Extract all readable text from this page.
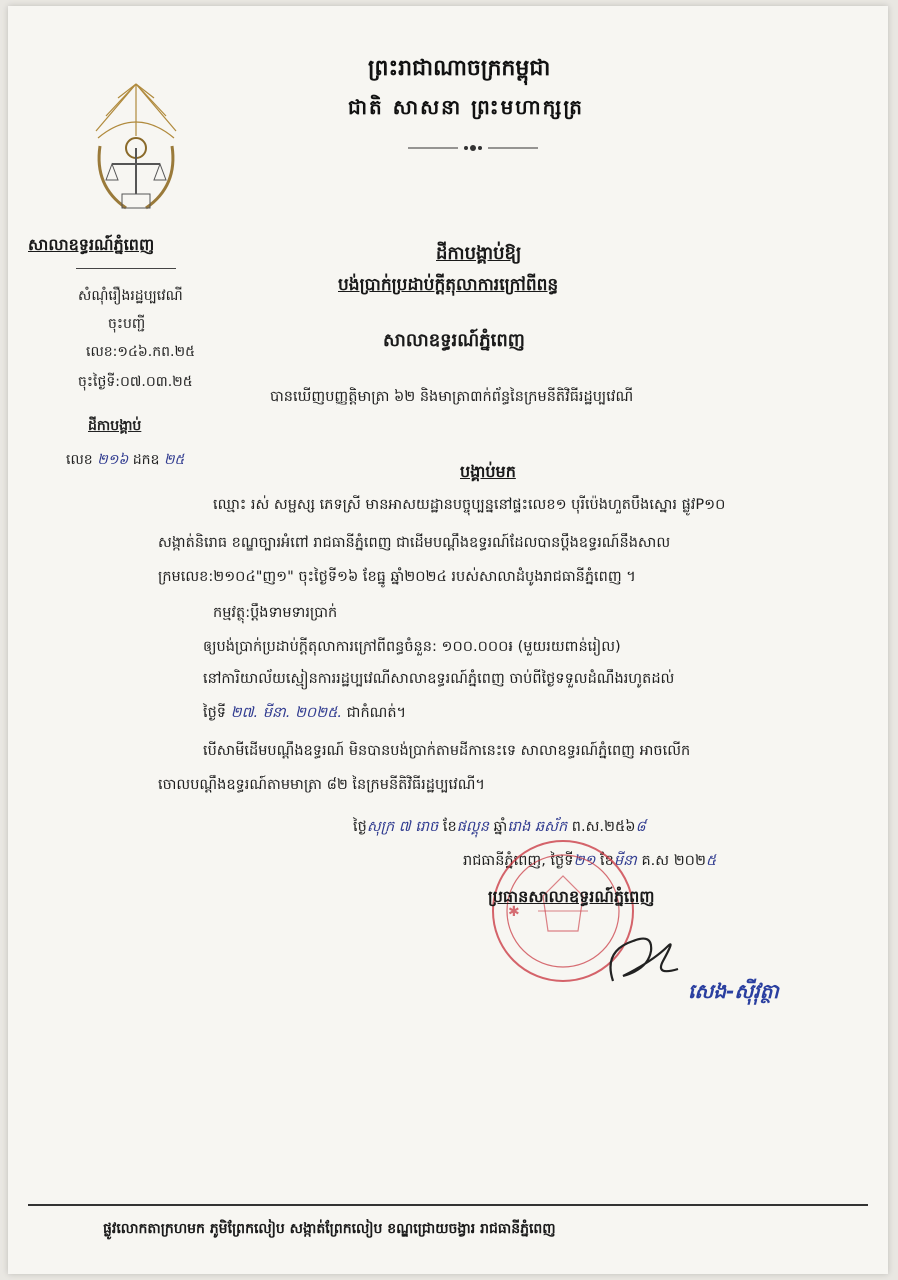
ព្រះរាជាណាចក្រកម្ពុជា
ជាតិ សាសនា ព្រះមហាក្សត្រ
សាលាឧទ្ធរណ៍ភ្នំពេញ
សំណុំរឿងរដ្ឋប្បវេណី
ចុះបញ្ជី
លេខ:១៤៦.កព.២៥
ចុះថ្ងៃទី:០៧.០៣.២៥
ដីកាបង្គាប់
លេខ ២១៦ ដកឧ ២៥
ដីកាបង្គាប់ឱ្យ
បង់ប្រាក់ប្រដាប់ក្ដីតុលាការក្រៅពីពន្ធ
សាលាឧទ្ធរណ៍ភ្នំពេញ
បានឃើញបញ្ញត្តិមាត្រា ៦២ និងមាត្រា៣ក់ព័ន្ធនៃក្រមនីតិវិធីរដ្ឋប្បវេណី
បង្គាប់មក
ឈ្មោះ រស់ សម្ផស្ស ភេទស្រី មានអាសយដ្ឋានបច្ចុប្បន្ននៅផ្ទះលេខ១ បុរីប៉េងហួតបឹងស្នោរ ផ្លូវP១០
សង្កាត់និរោធ ខណ្ឌច្បារអំពៅ រាជធានីភ្នំពេញ ជាដើមបណ្ដឹងឧទ្ធរណ៍ដែលបានប្ដឹងឧទ្ធរណ៍នឹងសាល
ក្រមលេខ:២១០៤"ញ១" ចុះថ្ងៃទី១៦ ខែធ្នូ ឆ្នាំ២០២៤ របស់សាលាដំបូងរាជធានីភ្នំពេញ ។
កម្មវត្ថុ:ប្ដឹងទាមទារប្រាក់
ឲ្យបង់ប្រាក់ប្រដាប់ក្ដីតុលាការក្រៅពីពន្ធចំនួន: ១០០.០០០៛ (មួយរយពាន់រៀល)
នៅការិយាល័យស្មៀនការរដ្ឋប្បវេណីសាលាឧទ្ធរណ៍ភ្នំពេញ ចាប់ពីថ្ងៃទទួលដំណឹងរហូតដល់
ថ្ងៃទី ២៧. មីនា. ២០២៥. ជាកំណត់។
បើសាមីដើមបណ្ដឹងឧទ្ធរណ៍ មិនបានបង់ប្រាក់តាមដីកានេះទេ សាលាឧទ្ធរណ៍ភ្នំពេញ អាចលើក
ចោលបណ្ដឹងឧទ្ធរណ៍តាមមាត្រា ៨២ នៃក្រមនីតិវិធីរដ្ឋប្បវេណី។
ថ្ងៃសុក្រ ៧ រោច ខែផល្គុន ឆ្នាំរោង ឆស័ក ព.ស.២៥៦៨
រាជធានីភ្នំពេញ, ថ្ងៃទី២១ ខែមីនា គ.ស ២០២៥
✱
ប្រធានសាលាឧទ្ធរណ៍ភ្នំពេញ
សេង-ស៊ីវុត្ថា
ផ្លូវលោកតាក្រហមក ភូមិព្រែកលៀប សង្កាត់ព្រែកលៀប ខណ្ឌជ្រោយចង្វារ រាជធានីភ្នំពេញ
